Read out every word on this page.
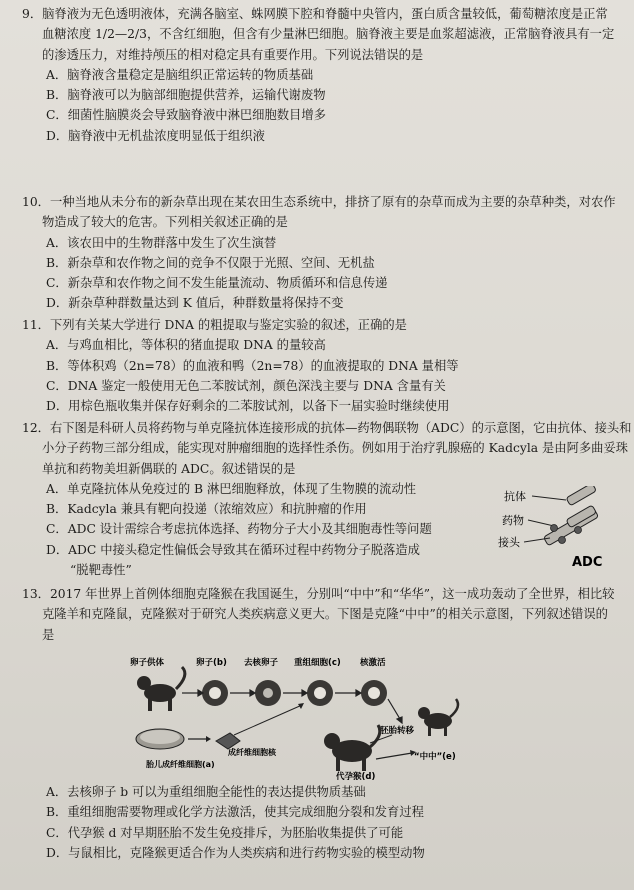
9．脑脊液为无色透明液体，充满各脑室、蛛网膜下腔和脊髓中央管内，蛋白质含量较低，葡萄糖浓度是正常血糖浓度 1/2—2/3，不含红细胞，但含有少量淋巴细胞。脑脊液主要是血浆超滤液，正常脑脊液具有一定的渗透压力，对维持颅压的相对稳定具有重要作用。下列说法错误的是

A．脑脊液含量稳定是脑组织正常运转的物质基础

B．脑脊液可以为脑部细胞提供营养，运输代谢废物

C．细菌性脑膜炎会导致脑脊液中淋巴细胞数目增多

D．脑脊液中无机盐浓度明显低于组织液

10．一种当地从未分布的新杂草出现在某农田生态系统中，排挤了原有的杂草而成为主要的杂草种类，对农作物造成了较大的危害。下列相关叙述正确的是

A．该农田中的生物群落中发生了次生演替

B．新杂草和农作物之间的竞争不仅限于光照、空间、无机盐

C．新杂草和农作物之间不发生能量流动、物质循环和信息传递

D．新杂草种群数量达到 K 值后，种群数量将保持不变

11．下列有关某大学进行 DNA 的粗提取与鉴定实验的叙述，正确的是

A．与鸡血相比，等体积的猪血提取 DNA 的量较高

B．等体积鸡（2n=78）的血液和鸭（2n=78）的血液提取的 DNA 量相等

C．DNA 鉴定一般使用无色二苯胺试剂，颜色深浅主要与 DNA 含量有关

D．用棕色瓶收集并保存好剩余的二苯胺试剂，以备下一届实验时继续使用

12．右下图是科研人员将药物与单克隆抗体连接形成的抗体—药物偶联物（ADC）的示意图，它由抗体、接头和小分子药物三部分组成，能实现对肿瘤细胞的选择性杀伤。例如用于治疗乳腺癌的 Kadcyla 是由阿多曲妥珠单抗和药物美坦新偶联的 ADC。叙述错误的是

A．单克隆抗体从免疫过的 B 淋巴细胞释放，体现了生物膜的流动性

B．Kadcyla 兼具有靶向投递（浓缩效应）和抗肿瘤的作用

C．ADC 设计需综合考虑抗体选择、药物分子大小及其细胞毒性等问题

D．ADC 中接头稳定性偏低会导致其在循环过程中药物分子脱落造成

“脱靶毒性”

抗体
药物
接头
ADC

13．2017 年世界上首例体细胞克隆猴在我国诞生，分别叫“中中”和“华华”，这一成功轰动了全世界，相比较克隆羊和克隆鼠，克隆猴对于研究人类疾病意义更大。下图是克隆“中中”的相关示意图，下列叙述错误的是

卵子供体	卵子(b) 去核卵子 重组细胞(c) 核激活
成纤维细胞核
胎儿成纤维细胞(a)
胚胎转移
代孕猴(d)
“中中”(e)

A．去核卵子 b 可以为重组细胞全能性的表达提供物质基础

B．重组细胞需要物理或化学方法激活，使其完成细胞分裂和发育过程

C．代孕猴 d 对早期胚胎不发生免疫排斥，为胚胎收集提供了可能

D．与鼠相比，克隆猴更适合作为人类疾病和进行药物实验的模型动物
